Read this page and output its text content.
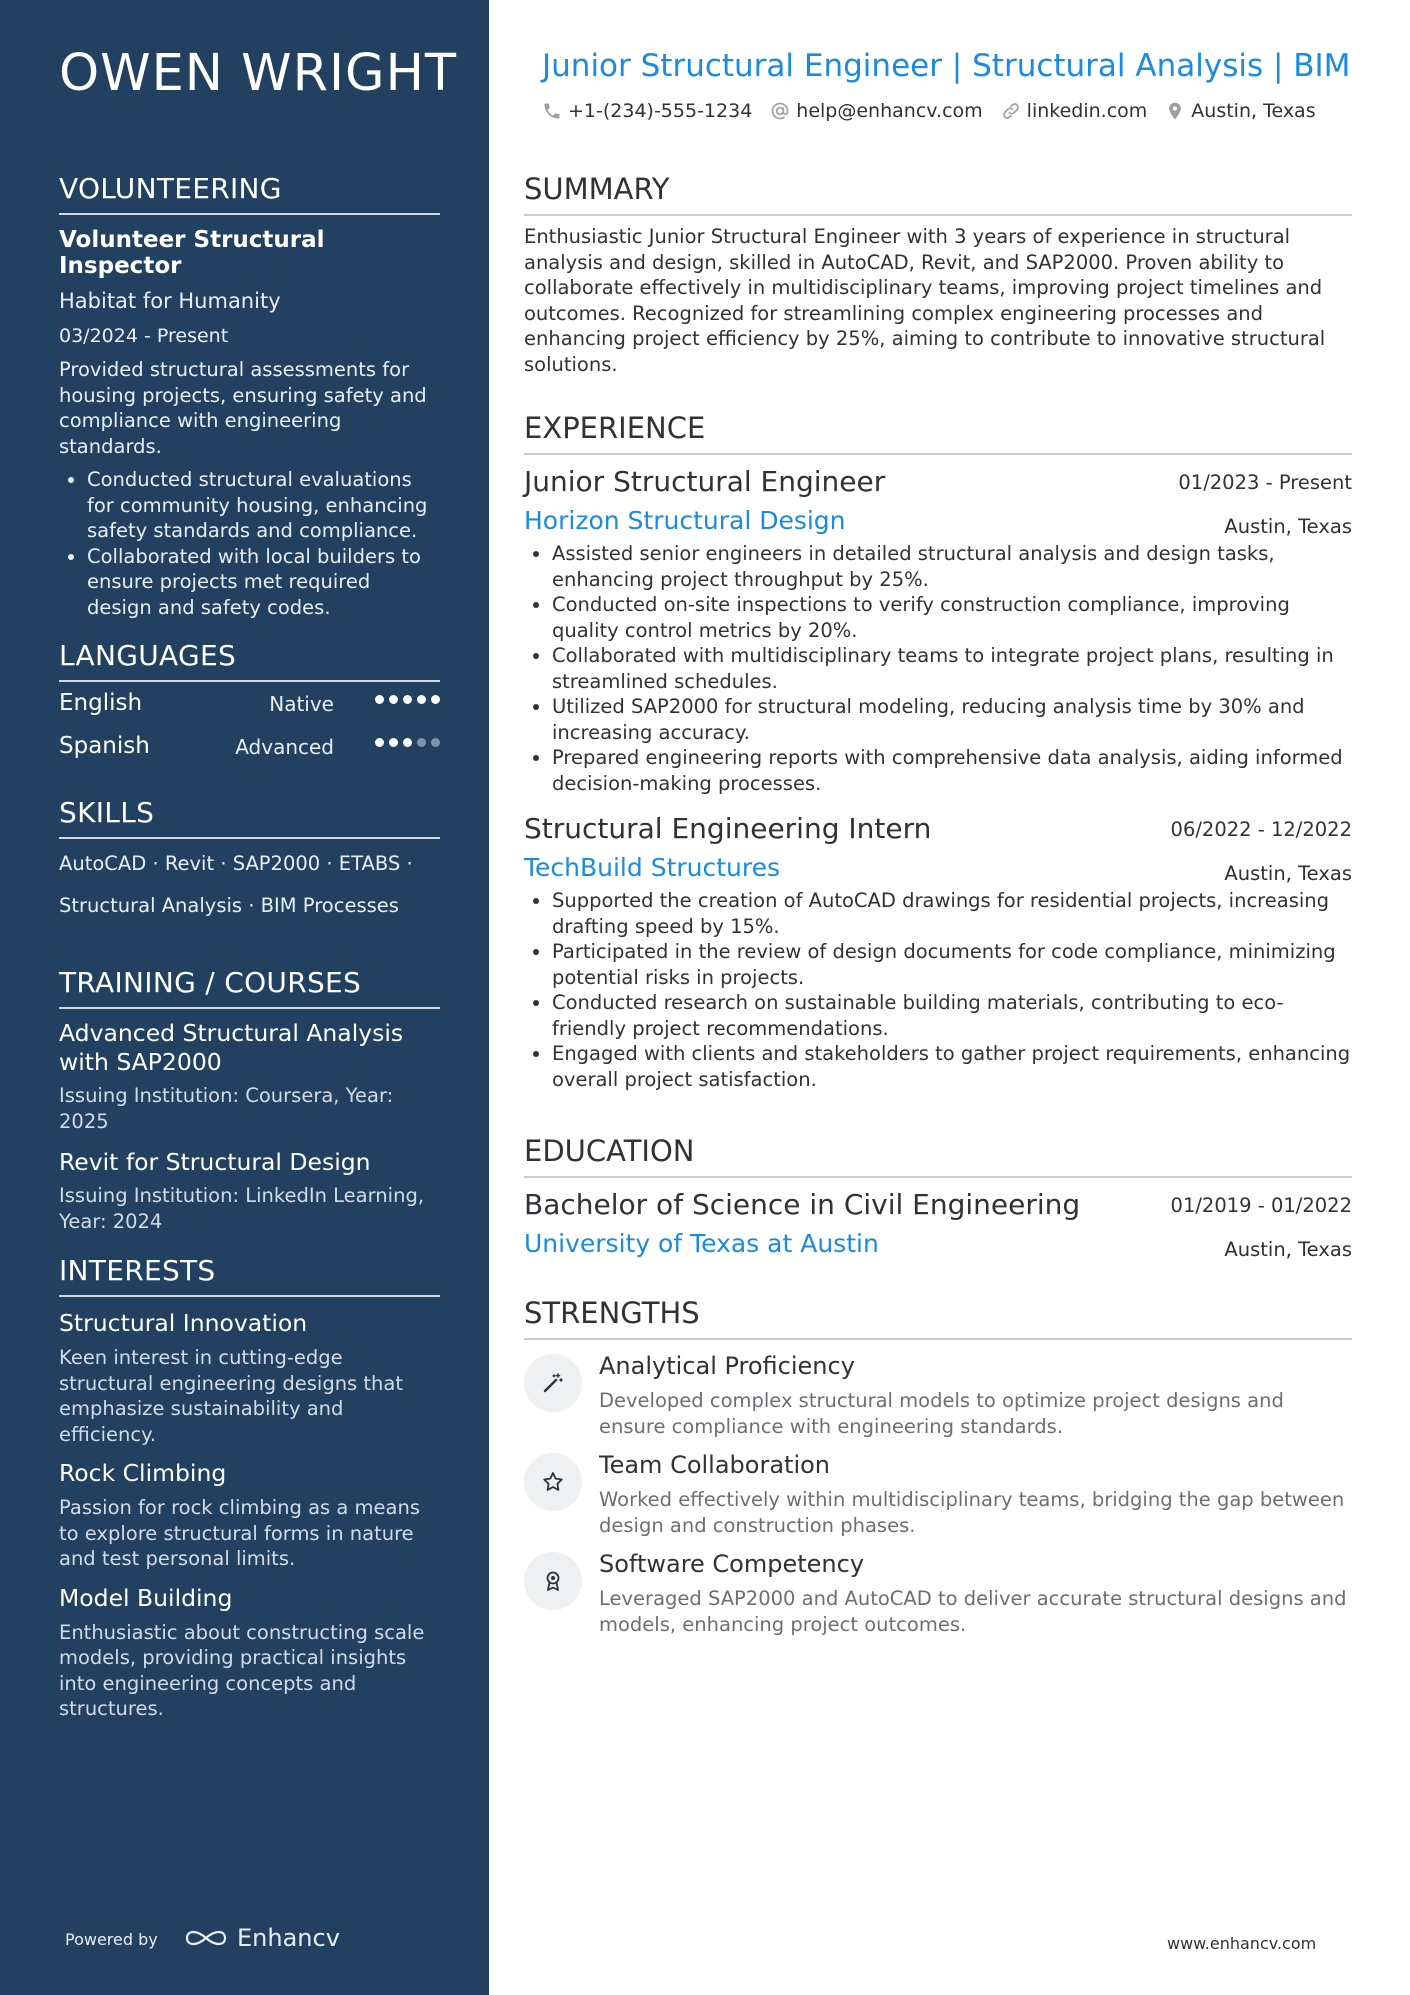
OWEN WRIGHT
VOLUNTEERING
Volunteer Structural Inspector
Habitat for Humanity
03/2024 - Present
Provided structural assessments for housing projects, ensuring safety and compliance with engineering standards.
• Conducted structural evaluations for community housing, enhancing safety standards and compliance.
• Collaborated with local builders to ensure projects met required design and safety codes.
LANGUAGES
English	Native
Spanish	Advanced
SKILLS
AutoCAD · Revit · SAP2000 · ETABS ·
Structural Analysis · BIM Processes
TRAINING / COURSES
Advanced Structural Analysis with SAP2000
Issuing Institution: Coursera, Year: 2025
Revit for Structural Design
Issuing Institution: LinkedIn Learning, Year: 2024
INTERESTS
Structural Innovation
Keen interest in cutting-edge structural engineering designs that emphasize sustainability and efficiency.
Rock Climbing
Passion for rock climbing as a means to explore structural forms in nature and test personal limits.
Model Building
Enthusiastic about constructing scale models, providing practical insights into engineering concepts and structures.
Powered by	Enhancv
Junior Structural Engineer | Structural Analysis | BIM
+1-(234)-555-1234 help@enhancv.com linkedin.com Austin, Texas
SUMMARY
Enthusiastic Junior Structural Engineer with 3 years of experience in structural analysis and design, skilled in AutoCAD, Revit, and SAP2000. Proven ability to collaborate effectively in multidisciplinary teams, improving project timelines and outcomes. Recognized for streamlining complex engineering processes and enhancing project efficiency by 25%, aiming to contribute to innovative structural solutions.
EXPERIENCE
Junior Structural Engineer	01/2023 - Present
Horizon Structural Design	Austin, Texas
• Assisted senior engineers in detailed structural analysis and design tasks, enhancing project throughput by 25%.
• Conducted on-site inspections to verify construction compliance, improving quality control metrics by 20%.
• Collaborated with multidisciplinary teams to integrate project plans, resulting in streamlined schedules.
• Utilized SAP2000 for structural modeling, reducing analysis time by 30% and increasing accuracy.
• Prepared engineering reports with comprehensive data analysis, aiding informed decision-making processes.
Structural Engineering Intern	06/2022 - 12/2022
TechBuild Structures	Austin, Texas
• Supported the creation of AutoCAD drawings for residential projects, increasing drafting speed by 15%.
• Participated in the review of design documents for code compliance, minimizing potential risks in projects.
• Conducted research on sustainable building materials, contributing to eco-friendly project recommendations.
• Engaged with clients and stakeholders to gather project requirements, enhancing overall project satisfaction.
EDUCATION
Bachelor of Science in Civil Engineering	01/2019 - 01/2022
University of Texas at Austin	Austin, Texas
STRENGTHS
Analytical Proficiency
Developed complex structural models to optimize project designs and ensure compliance with engineering standards.
Team Collaboration
Worked effectively within multidisciplinary teams, bridging the gap between design and construction phases.
Software Competency
Leveraged SAP2000 and AutoCAD to deliver accurate structural designs and models, enhancing project outcomes.
www.enhancv.com
